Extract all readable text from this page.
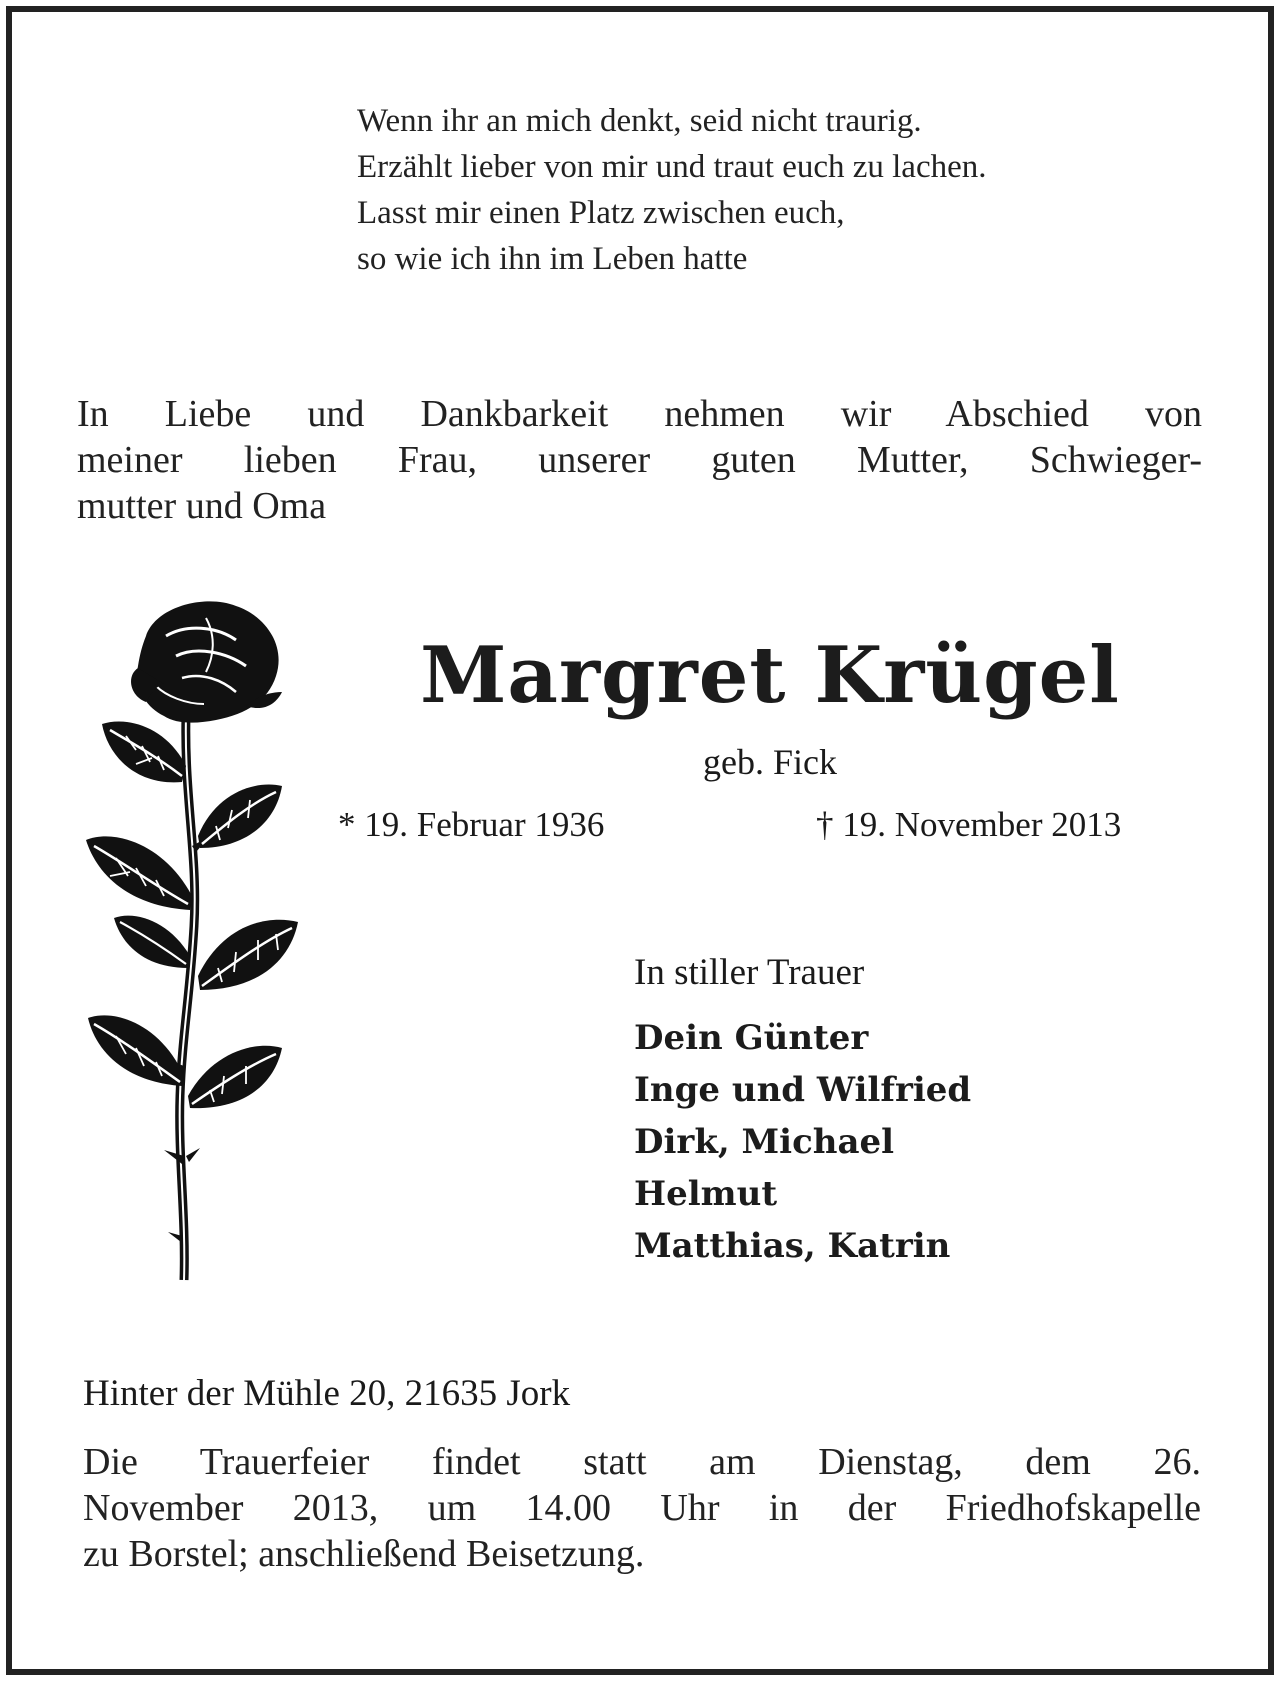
Wenn ihr an mich denkt, seid nicht traurig.
Erzählt lieber von mir und traut euch zu lachen.
Lasst mir einen Platz zwischen euch,
so wie ich ihn im Leben hatte
In Liebe und Dankbarkeit nehmen wir Abschied von
meiner lieben Frau, unserer guten Mutter, Schwieger-
mutter und Oma
Margret Krügel
geb. Fick
* 19. Februar 1936	† 19. November 2013
In stiller Trauer
Dein Günter
Inge und Wilfried
Dirk, Michael
Helmut
Matthias, Katrin
Hinter der Mühle 20, 21635 Jork
Die Trauerfeier findet statt am Dienstag, dem 26.
November 2013, um 14.00 Uhr in der Friedhofskapelle
zu Borstel; anschließend Beisetzung.
